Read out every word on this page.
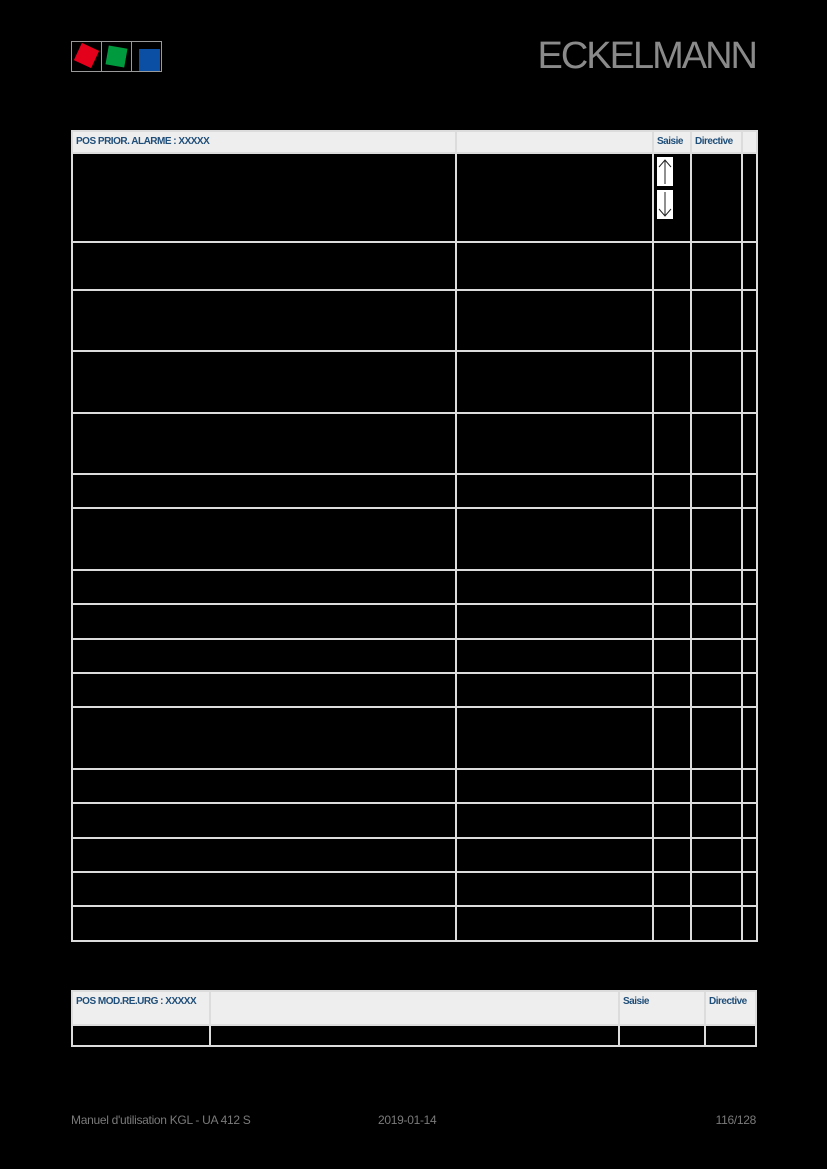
ECKELMANN
POS PRIOR. ALARME : XXXXX		Saisie	Directive	

POS MOD.RE.URG : XXXXX		Saisie	Directive

Manuel d'utilisation KGL - UA 412 S	2019-01-14	116/128
